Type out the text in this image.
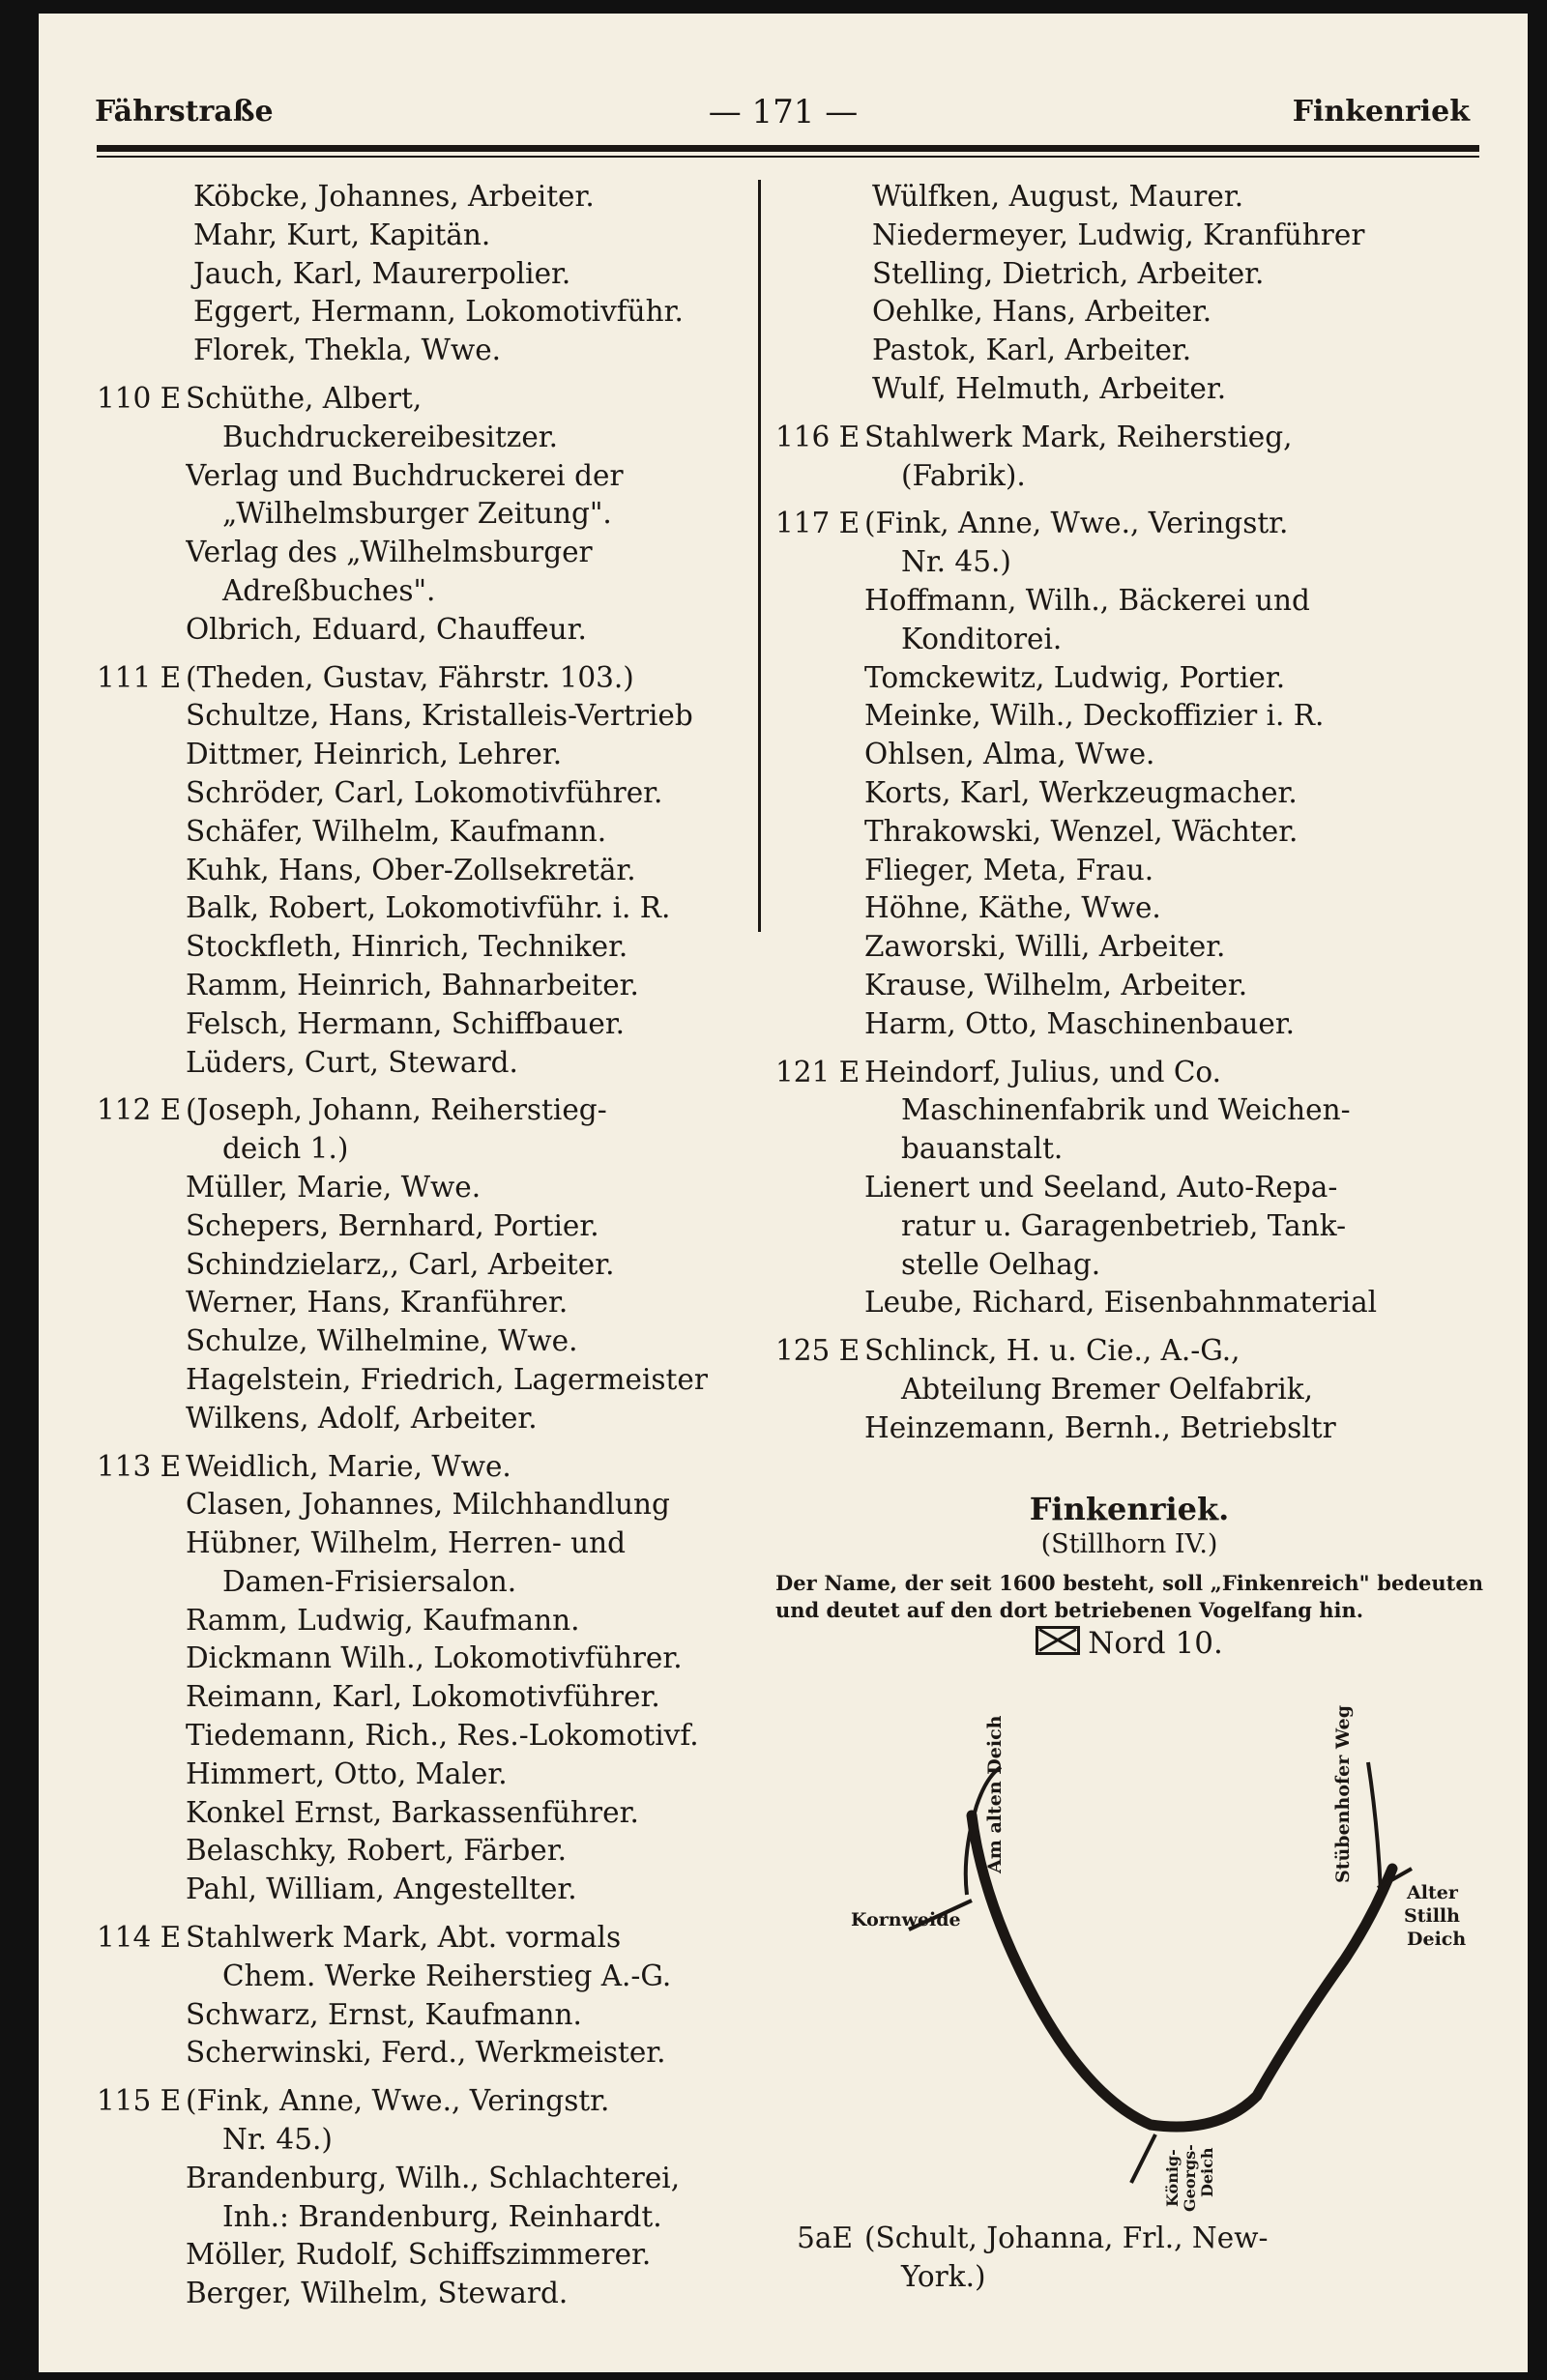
Fährstraße	— 171 —	Finkenriek
Köbcke, Johannes, Arbeiter.
Mahr, Kurt, Kapitän.
Jauch, Karl, Maurerpolier.
Eggert, Hermann, Lokomotivführ.
Florek, Thekla, Wwe.
110 E Schüthe, Albert,
Buchdruckereibesitzer.
Verlag und Buchdruckerei der
„Wilhelmsburger Zeitung".
Verlag des „Wilhelmsburger
Adreßbuches".
Olbrich, Eduard, Chauffeur.
111 E (Theden, Gustav, Fährstr. 103.)
Schultze, Hans, Kristalleis-Vertrieb
Dittmer, Heinrich, Lehrer.
Schröder, Carl, Lokomotivführer.
Schäfer, Wilhelm, Kaufmann.
Kuhk, Hans, Ober-Zollsekretär.
Balk, Robert, Lokomotivführ. i. R.
Stockfleth, Hinrich, Techniker.
Ramm, Heinrich, Bahnarbeiter.
Felsch, Hermann, Schiffbauer.
Lüders, Curt, Steward.
112 E (Joseph, Johann, Reiherstieg-
deich 1.)
Müller, Marie, Wwe.
Schepers, Bernhard, Portier.
Schindzielarz,, Carl, Arbeiter.
Werner, Hans, Kranführer.
Schulze, Wilhelmine, Wwe.
Hagelstein, Friedrich, Lagermeister
Wilkens, Adolf, Arbeiter.
113 E Weidlich, Marie, Wwe.
Clasen, Johannes, Milchhandlung
Hübner, Wilhelm, Herren- und
Damen-Frisiersalon.
Ramm, Ludwig, Kaufmann.
Dickmann Wilh., Lokomotivführer.
Reimann, Karl, Lokomotivführer.
Tiedemann, Rich., Res.-Lokomotivf.
Himmert, Otto, Maler.
Konkel Ernst, Barkassenführer.
Belaschky, Robert, Färber.
Pahl, William, Angestellter.
114 E Stahlwerk Mark, Abt. vormals
Chem. Werke Reiherstieg A.-G.
Schwarz, Ernst, Kaufmann.
Scherwinski, Ferd., Werkmeister.
115 E (Fink, Anne, Wwe., Veringstr.
Nr. 45.)
Brandenburg, Wilh., Schlachterei,
Inh.: Brandenburg, Reinhardt.
Möller, Rudolf, Schiffszimmerer.
Berger, Wilhelm, Steward.
Wülfken, August, Maurer.
Niedermeyer, Ludwig, Kranführer
Stelling, Dietrich, Arbeiter.
Oehlke, Hans, Arbeiter.
Pastok, Karl, Arbeiter.
Wulf, Helmuth, Arbeiter.
116 E Stahlwerk Mark, Reiherstieg,
(Fabrik).
117 E (Fink, Anne, Wwe., Veringstr.
Nr. 45.)
Hoffmann, Wilh., Bäckerei und
Konditorei.
Tomckewitz, Ludwig, Portier.
Meinke, Wilh., Deckoffizier i. R.
Ohlsen, Alma, Wwe.
Korts, Karl, Werkzeugmacher.
Thrakowski, Wenzel, Wächter.
Flieger, Meta, Frau.
Höhne, Käthe, Wwe.
Zaworski, Willi, Arbeiter.
Krause, Wilhelm, Arbeiter.
Harm, Otto, Maschinenbauer.
121 E Heindorf, Julius, und Co.
Maschinenfabrik und Weichen-
bauanstalt.
Lienert und Seeland, Auto-Repa-
ratur u. Garagenbetrieb, Tank-
stelle Oelhag.
Leube, Richard, Eisenbahnmaterial
125 E Schlinck, H. u. Cie., A.-G.,
Abteilung Bremer Oelfabrik,
Heinzemann, Bernh., Betriebsltr
Finkenriek.
(Stillhorn IV.)
Der Name, der seit 1600 besteht, soll „Finkenreich" bedeuten und deutet auf den dort betriebenen Vogelfang hin.
Nord 10.
Am alten Deich	Stübenhofer Weg
Kornweide
Alter
Stillh
Deich
König- Georgs- Deich
5aE (Schult, Johanna, Frl., New-
York.)
